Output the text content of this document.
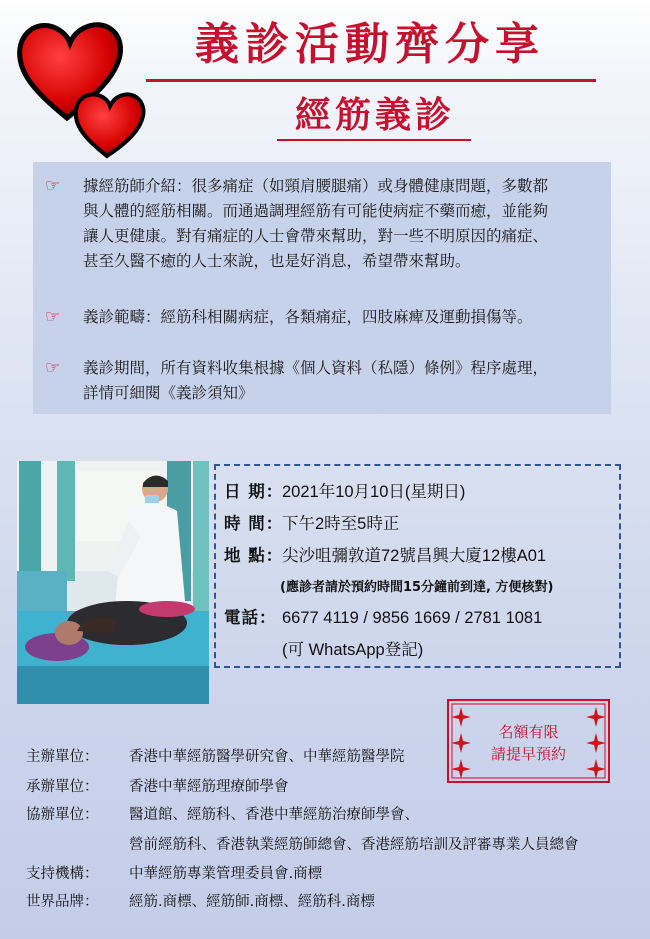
義診活動齊分享
經筋義診
☞ 據經筋師介紹：很多痛症（如頸肩腰腿痛）或身體健康問題，多數都
與人體的經筋相關。而通過調理經筋有可能使病症不藥而癒，並能夠
讓人更健康。對有痛症的人士會帶來幫助，對一些不明原因的痛症、
甚至久醫不癒的人士來說，也是好消息，希望帶來幫助。
☞ 義診範疇：經筋科相關病症，各類痛症，四肢麻痺及運動損傷等。
☞ 義診期間，所有資料收集根據《個人資料（私隱）條例》程序處理，
詳情可細閱《義診須知》
日 期：2021年10月10日(星期日)
時 間：下午2時至5時正
地 點：尖沙咀彌敦道72號昌興大廈12樓A01
(應診者請於預約時間15分鐘前到達, 方便核對)
電話： 6677 4119 / 9856 1669 / 2781 1081
(可 WhatsApp登記)
名額有限
請提早預約
主辦單位： 香港中華經筋醫學研究會、中華經筋醫學院
承辦單位： 香港中華經筋理療師學會
協辦單位： 醫道館、經筋科、香港中華經筋治療師學會、
營前經筋科、香港執業經筋師總會、香港經筋培訓及評審專業人員總會
支持機構： 中華經筋專業管理委員會.商標
世界品牌： 經筋.商標、經筋師.商標、經筋科.商標
